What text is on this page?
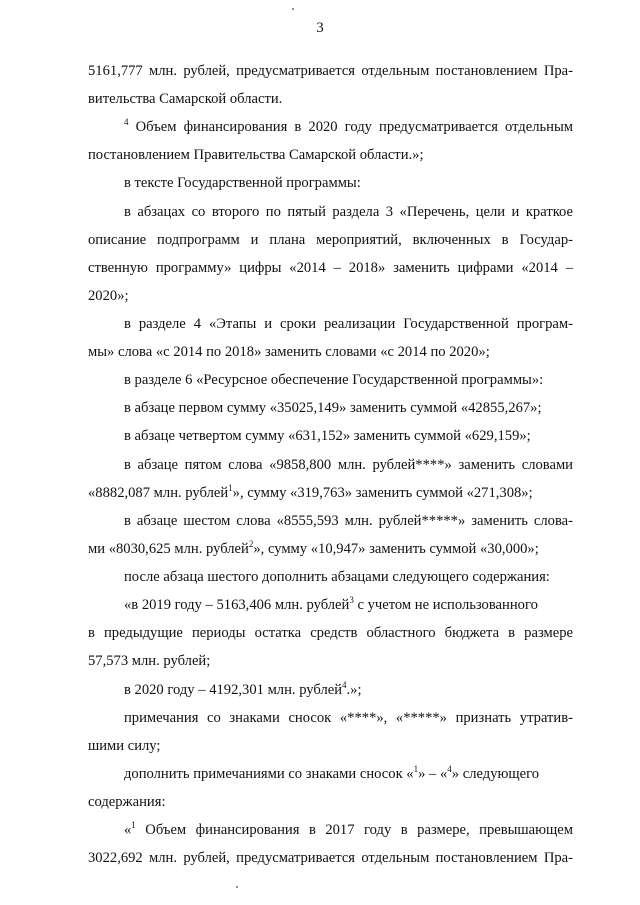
3
5161,777 млн. рублей, предусматривается отдельным постановлением Пра-
вительства Самарской области.
$^4$ Объем финансирования в 2020 году предусматривается отдельным
постановлением Правительства Самарской области.»;
в тексте Государственной программы:
в абзацах со второго по пятый раздела 3 «Перечень, цели и краткое
описание подпрограмм и плана мероприятий, включенных в Государ-
ственную программу» цифры «2014 – 2018» заменить цифрами «2014 –
2020»;
в разделе 4 «Этапы и сроки реализации Государственной програм-
мы» слова «с 2014 по 2018» заменить словами «с 2014 по 2020»;
в разделе 6 «Ресурсное обеспечение Государственной программы»:
в абзаце первом сумму «35025,149» заменить суммой «42855,267»;
в абзаце четвертом сумму «631,152» заменить суммой «629,159»;
в абзаце пятом слова «9858,800 млн. рублей****» заменить словами
«8882,087 млн. рублей$^1$», сумму «319,763» заменить суммой «271,308»;
в абзаце шестом слова «8555,593 млн. рублей*****» заменить слова-
ми «8030,625 млн. рублей$^2$», сумму «10,947» заменить суммой «30,000»;
после абзаца шестого дополнить абзацами следующего содержания:
«в 2019 году – 5163,406 млн. рублей$^3$ с учетом не использованного
в предыдущие периоды остатка средств областного бюджета в размере
57,573 млн. рублей;
в 2020 году – 4192,301 млн. рублей$^4$.»;
примечания со знаками сносок «****», «*****» признать утратив-
шими силу;
дополнить примечаниями со знаками сносок «$^1$» – «$^4$» следующего
содержания:
«$^1$ Объем финансирования в 2017 году в размере, превышающем
3022,692 млн. рублей, предусматривается отдельным постановлением Пра-
